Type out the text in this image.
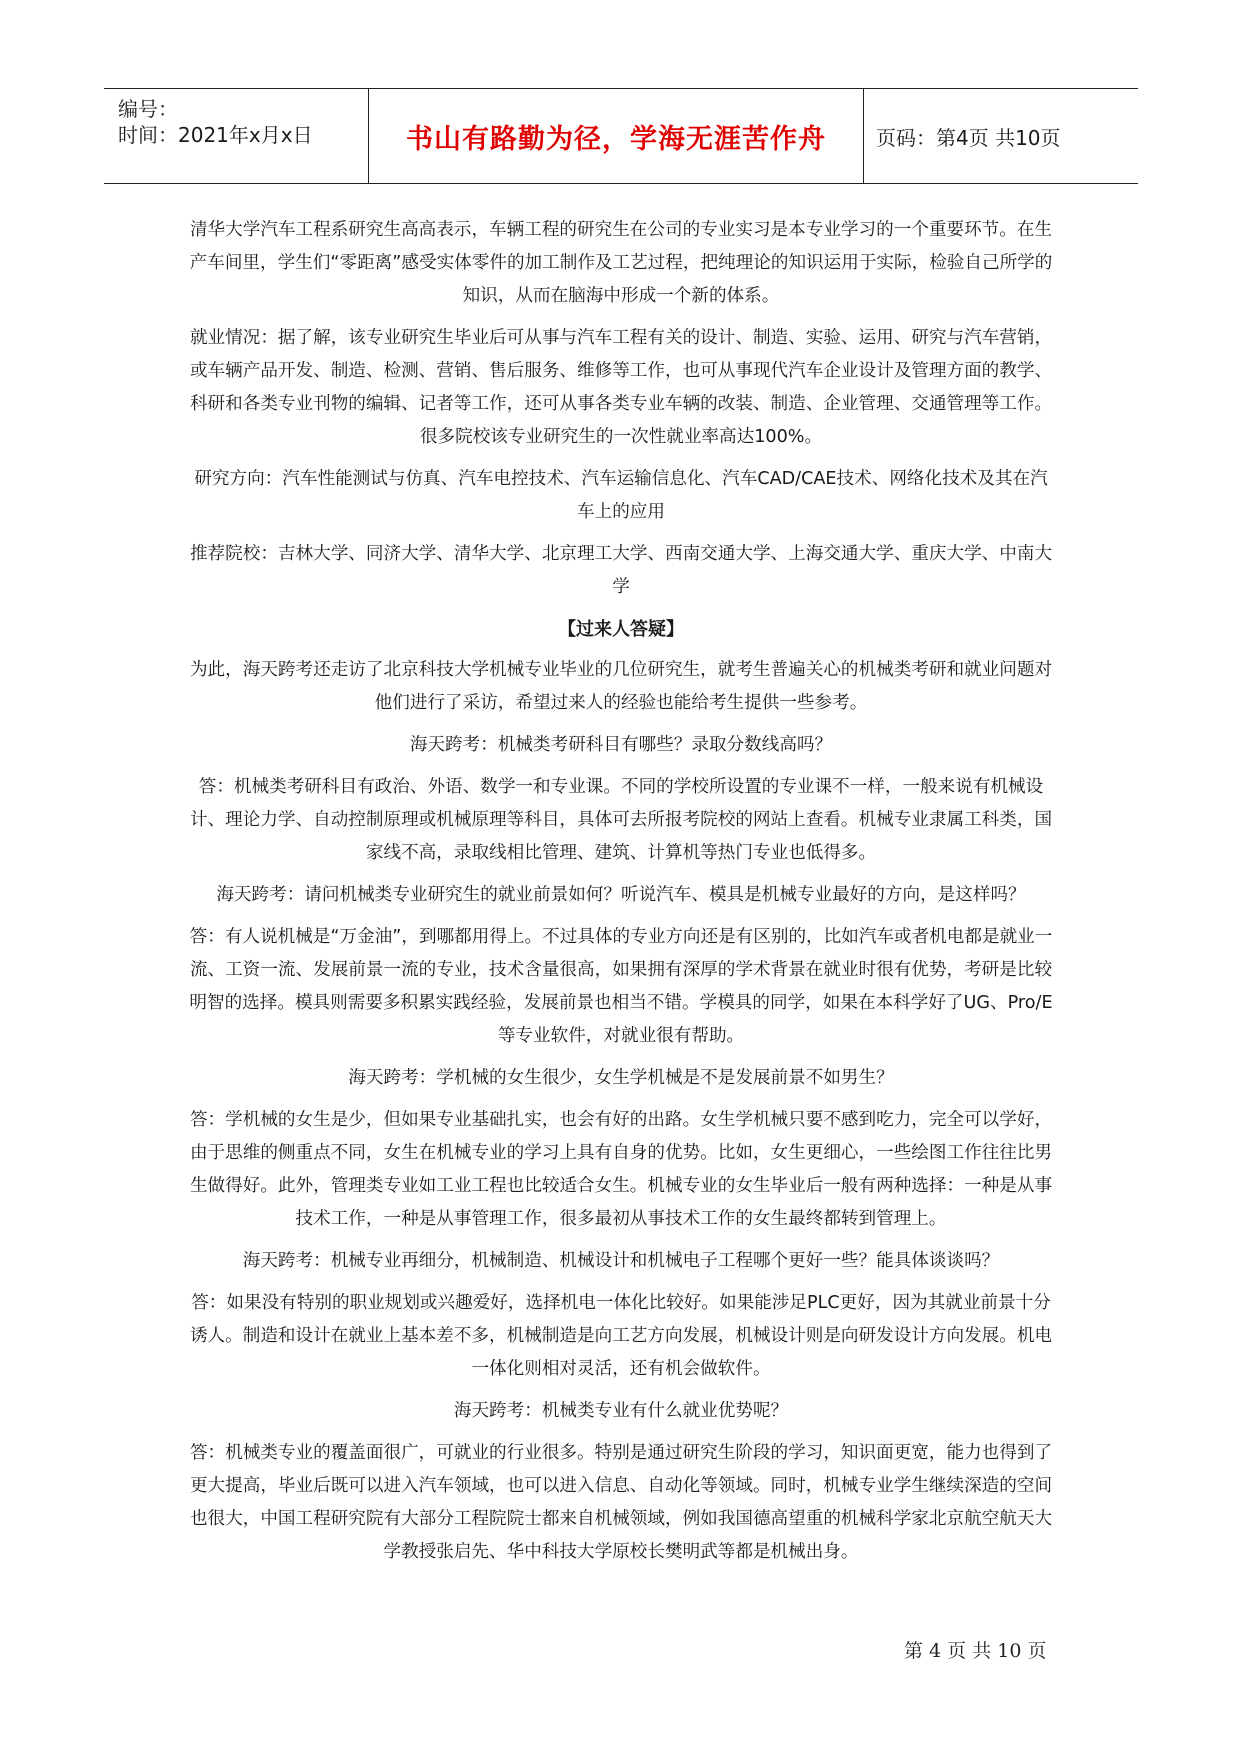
编号：
时间：2021年x月x日	书山有路勤为径，学海无涯苦作舟	页码：第4页 共10页

清华大学汽车工程系研究生高高表示，车辆工程的研究生在公司的专业实习是本专业学习的一个重要环节。在生产车间里，学生们“零距离”感受实体零件的加工制作及工艺过程，把纯理论的知识运用于实际，检验自己所学的知识，从而在脑海中形成一个新的体系。

就业情况：据了解，该专业研究生毕业后可从事与汽车工程有关的设计、制造、实验、运用、研究与汽车营销，或车辆产品开发、制造、检测、营销、售后服务、维修等工作，也可从事现代汽车企业设计及管理方面的教学、科研和各类专业刊物的编辑、记者等工作，还可从事各类专业车辆的改装、制造、企业管理、交通管理等工作。很多院校该专业研究生的一次性就业率高达100%。

研究方向：汽车性能测试与仿真、汽车电控技术、汽车运输信息化、汽车CAD/CAE技术、网络化技术及其在汽车上的应用

推荐院校：吉林大学、同济大学、清华大学、北京理工大学、西南交通大学、上海交通大学、重庆大学、中南大学

【过来人答疑】

为此，海天跨考还走访了北京科技大学机械专业毕业的几位研究生，就考生普遍关心的机械类考研和就业问题对他们进行了采访，希望过来人的经验也能给考生提供一些参考。

海天跨考：机械类考研科目有哪些？录取分数线高吗？

答：机械类考研科目有政治、外语、数学一和专业课。不同的学校所设置的专业课不一样，一般来说有机械设计、理论力学、自动控制原理或机械原理等科目，具体可去所报考院校的网站上查看。机械专业隶属工科类，国家线不高，录取线相比管理、建筑、计算机等热门专业也低得多。

海天跨考：请问机械类专业研究生的就业前景如何？听说汽车、模具是机械专业最好的方向，是这样吗？

答：有人说机械是“万金油”，到哪都用得上。不过具体的专业方向还是有区别的，比如汽车或者机电都是就业一流、工资一流、发展前景一流的专业，技术含量很高，如果拥有深厚的学术背景在就业时很有优势，考研是比较明智的选择。模具则需要多积累实践经验，发展前景也相当不错。学模具的同学，如果在本科学好了UG、Pro/E等专业软件，对就业很有帮助。

海天跨考：学机械的女生很少，女生学机械是不是发展前景不如男生？

答：学机械的女生是少，但如果专业基础扎实，也会有好的出路。女生学机械只要不感到吃力，完全可以学好，由于思维的侧重点不同，女生在机械专业的学习上具有自身的优势。比如，女生更细心，一些绘图工作往往比男生做得好。此外，管理类专业如工业工程也比较适合女生。机械专业的女生毕业后一般有两种选择：一种是从事技术工作，一种是从事管理工作，很多最初从事技术工作的女生最终都转到管理上。

海天跨考：机械专业再细分，机械制造、机械设计和机械电子工程哪个更好一些？能具体谈谈吗？

答：如果没有特别的职业规划或兴趣爱好，选择机电一体化比较好。如果能涉足PLC更好，因为其就业前景十分诱人。制造和设计在就业上基本差不多，机械制造是向工艺方向发展，机械设计则是向研发设计方向发展。机电一体化则相对灵活，还有机会做软件。

海天跨考：机械类专业有什么就业优势呢？

答：机械类专业的覆盖面很广，可就业的行业很多。特别是通过研究生阶段的学习，知识面更宽，能力也得到了更大提高，毕业后既可以进入汽车领域，也可以进入信息、自动化等领域。同时，机械专业学生继续深造的空间也很大，中国工程研究院有大部分工程院院士都来自机械领域，例如我国德高望重的机械科学家北京航空航天大学教授张启先、华中科技大学原校长樊明武等都是机械出身。

第 4 页 共 10 页
